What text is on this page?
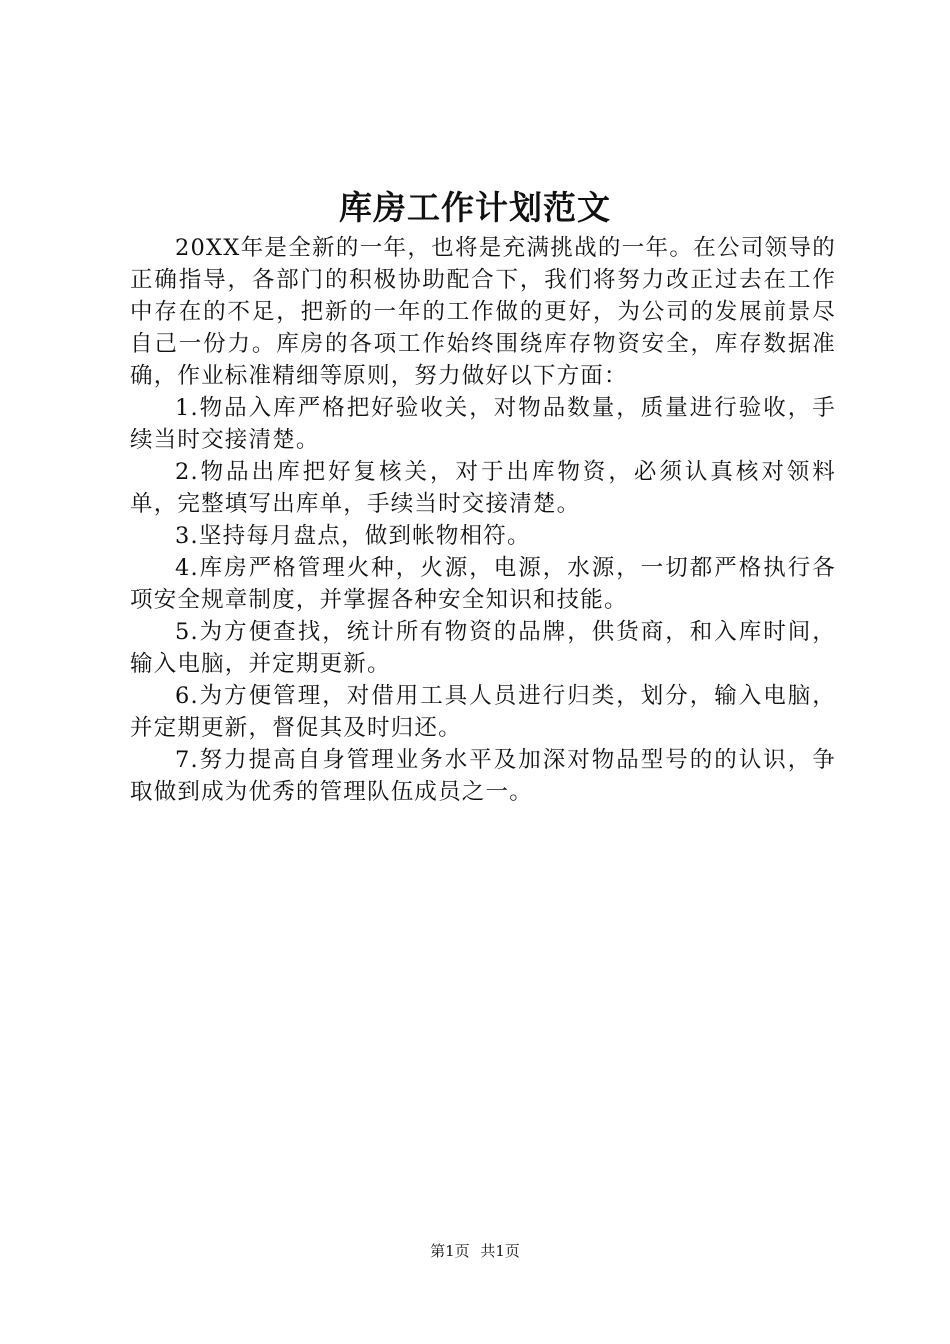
库房工作计划范文

20XX年是全新的一年，也将是充满挑战的一年。在公司领导的正确指导，各部门的积极协助配合下，我们将努力改正过去在工作中存在的不足，把新的一年的工作做的更好，为公司的发展前景尽自己一份力。库房的各项工作始终围绕库存物资安全，库存数据准确，作业标准精细等原则，努力做好以下方面：

1.物品入库严格把好验收关，对物品数量，质量进行验收，手续当时交接清楚。

2.物品出库把好复核关，对于出库物资，必须认真核对领料单，完整填写出库单，手续当时交接清楚。

3.坚持每月盘点，做到帐物相符。

4.库房严格管理火种，火源，电源，水源，一切都严格执行各项安全规章制度，并掌握各种安全知识和技能。

5.为方便查找，统计所有物资的品牌，供货商，和入库时间，输入电脑，并定期更新。

6.为方便管理，对借用工具人员进行归类，划分，输入电脑，并定期更新，督促其及时归还。

7.努力提高自身管理业务水平及加深对物品型号的的认识，争取做到成为优秀的管理队伍成员之一。

第1页 共1页
